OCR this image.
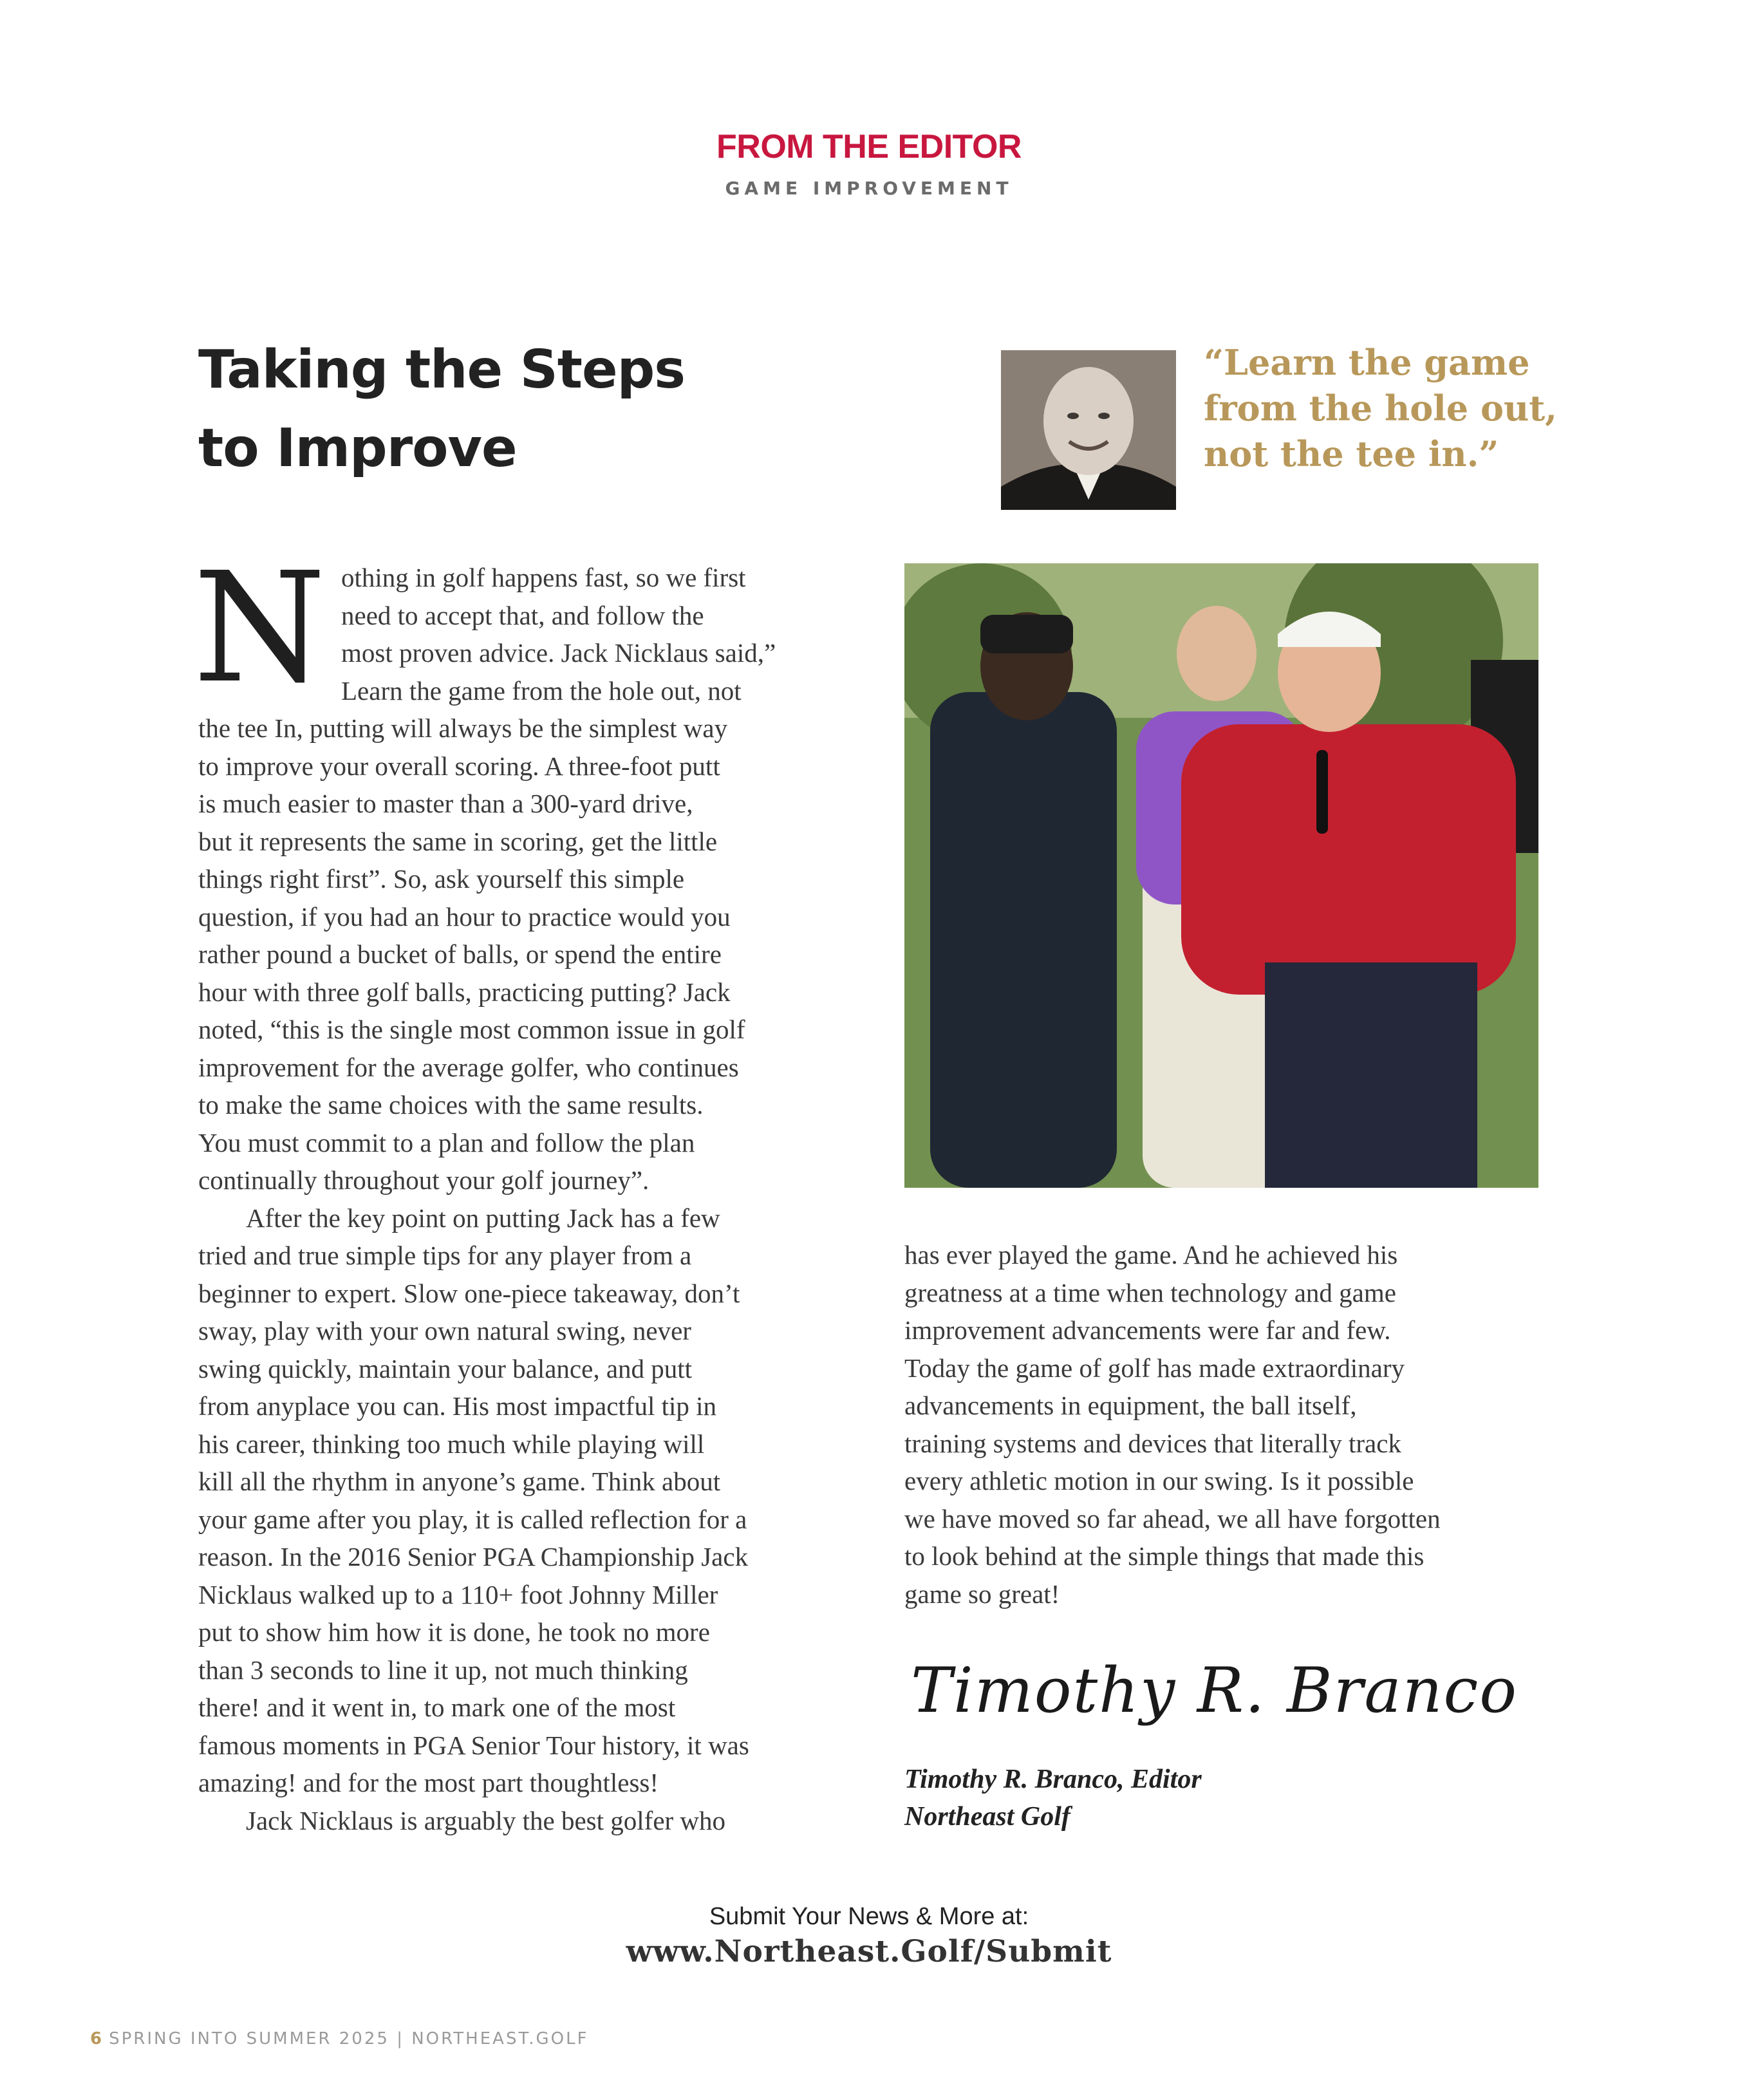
FROM THE EDITOR
GAME IMPROVEMENT
Taking the Steps
to Improve
“Learn the game
from the hole out,
not the tee in.”
N othing in golf happens fast, so we first
need to accept that, and follow the
most proven advice. Jack Nicklaus said,”
Learn the game from the hole out, not
the tee In, putting will always be the simplest way
to improve your overall scoring. A three-foot putt
is much easier to master than a 300-yard drive,
but it represents the same in scoring, get the little
things right first”. So, ask yourself this simple
question, if you had an hour to practice would you
rather pound a bucket of balls, or spend the entire
hour with three golf balls, practicing putting? Jack
noted, “this is the single most common issue in golf
improvement for the average golfer, who continues
to make the same choices with the same results.
You must commit to a plan and follow the plan
continually throughout your golf journey”.
After the key point on putting Jack has a few
tried and true simple tips for any player from a
beginner to expert. Slow one-piece takeaway, don’t
sway, play with your own natural swing, never
swing quickly, maintain your balance, and putt
from anyplace you can. His most impactful tip in
his career, thinking too much while playing will
kill all the rhythm in anyone’s game. Think about
your game after you play, it is called reflection for a
reason. In the 2016 Senior PGA Championship Jack
Nicklaus walked up to a 110+ foot Johnny Miller
put to show him how it is done, he took no more
than 3 seconds to line it up, not much thinking
there! and it went in, to mark one of the most
famous moments in PGA Senior Tour history, it was
amazing! and for the most part thoughtless!
Jack Nicklaus is arguably the best golfer who
has ever played the game. And he achieved his
greatness at a time when technology and game
improvement advancements were far and few.
Today the game of golf has made extraordinary
advancements in equipment, the ball itself,
training systems and devices that literally track
every athletic motion in our swing. Is it possible
we have moved so far ahead, we all have forgotten
to look behind at the simple things that made this
game so great!
Timothy R. Branco
Timothy R. Branco, Editor
Northeast Golf
Submit Your News & More at:
www.Northeast.Golf/Submit
6 SPRING INTO SUMMER 2025 | NORTHEAST.GOLF
